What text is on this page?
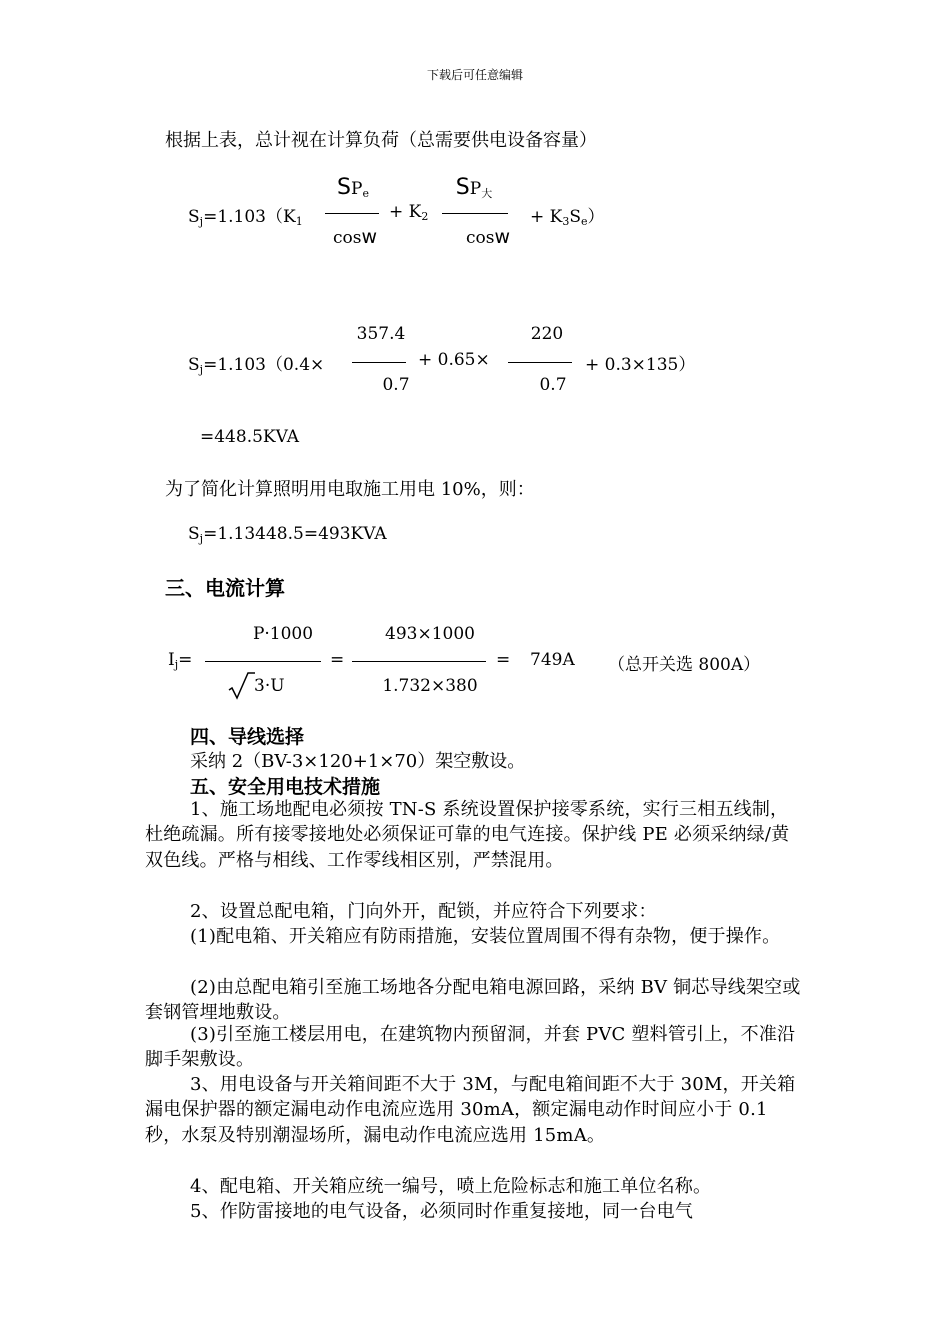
下载后可任意编辑
根据上表，总计视在计算负荷（总需要供电设备容量）
$S_j=1.103(K_1$
$SP_e$
cosw
+ $K_2$
$SP_大$
cosw
+ $K_3S_e$）
$S_j=1.103(0.4\times$
357.4
0.7
+ 0.65×
220
0.7
+ 0.3×135）
=448.5KVA
为了简化计算照明用电取施工用电 10%，则：
$S_j=1.13448.5=493KVA$
三、电流计算
$I_j=$
P·1000
3·U
=
493×1000
1.732×380
= 749A （总开关选 800A）
四、导线选择
采纳 2（BV-3×120+1×70）架空敷设。
五、安全用电技术措施
1、施工场地配电必须按 TN-S 系统设置保护接零系统，实行三相五线制，杜绝疏漏。所有接零接地处必须保证可靠的电气连接。保护线 PE 必须采纳绿/黄双色线。严格与相线、工作零线相区别，严禁混用。
2、设置总配电箱，门向外开，配锁，并应符合下列要求：
(1)配电箱、开关箱应有防雨措施，安装位置周围不得有杂物，便于操作。
(2)由总配电箱引至施工场地各分配电箱电源回路，采纳 BV 铜芯导线架空或套钢管埋地敷设。
(3)引至施工楼层用电，在建筑物内预留洞，并套 PVC 塑料管引上，不准沿脚手架敷设。
3、用电设备与开关箱间距不大于 3M，与配电箱间距不大于 30M，开关箱漏电保护器的额定漏电动作电流应选用 30mA，额定漏电动作时间应小于 0.1 秒，水泵及特别潮湿场所，漏电动作电流应选用 15mA。
4、配电箱、开关箱应统一编号，喷上危险标志和施工单位名称。
5、作防雷接地的电气设备，必须同时作重复接地，同一台电气
